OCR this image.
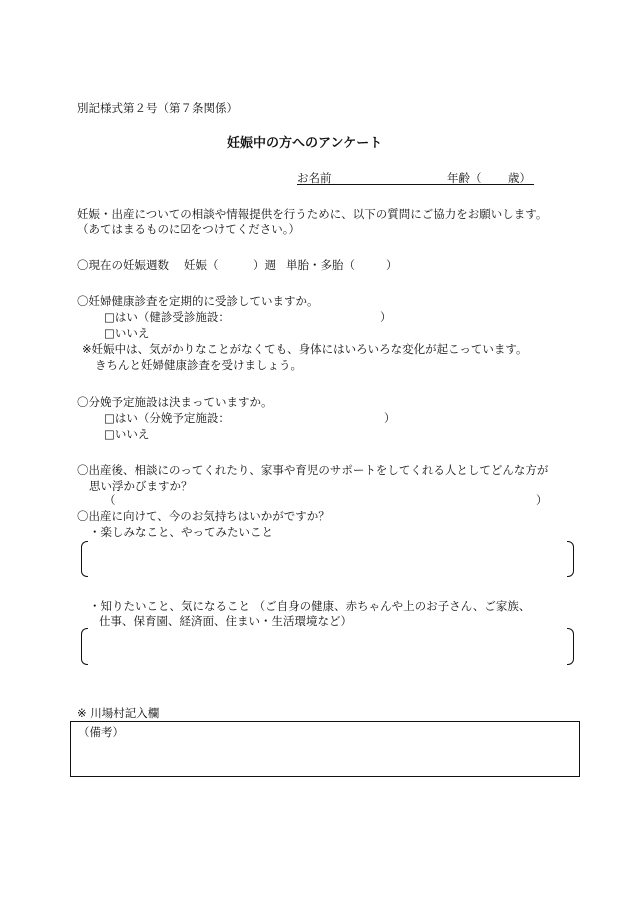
別記様式第２号（第７条関係）
妊娠中の方へのアンケート
お名前	年齢（ 歳）
妊娠・出産についての相談や情報提供を行うために、以下の質問にご協力をお願いします。
（あてはまるものに☑をつけてください。）
〇現在の妊娠週数 妊娠（	）週 単胎・多胎（	）
〇妊婦健康診査を定期的に受診していますか。
□はい（健診受診施設：	）
□いいえ
※妊娠中は、気がかりなことがなくても、身体にはいろいろな変化が起こっています。
きちんと妊婦健康診査を受けましょう。
〇分娩予定施設は決まっていますか。
□はい（分娩予定施設：	）
□いいえ
〇出産後、相談にのってくれたり、家事や育児のサポートをしてくれる人としてどんな方が
思い浮かびますか？
（	）
〇出産に向けて、今のお気持ちはいかがですか？
・楽しみなこと、やってみたいこと
・知りたいこと、気になること （ご自身の健康、赤ちゃんや上のお子さん、ご家族、
仕事、保育園、経済面、住まい・生活環境など）
※ 川場村記入欄
（備考）
